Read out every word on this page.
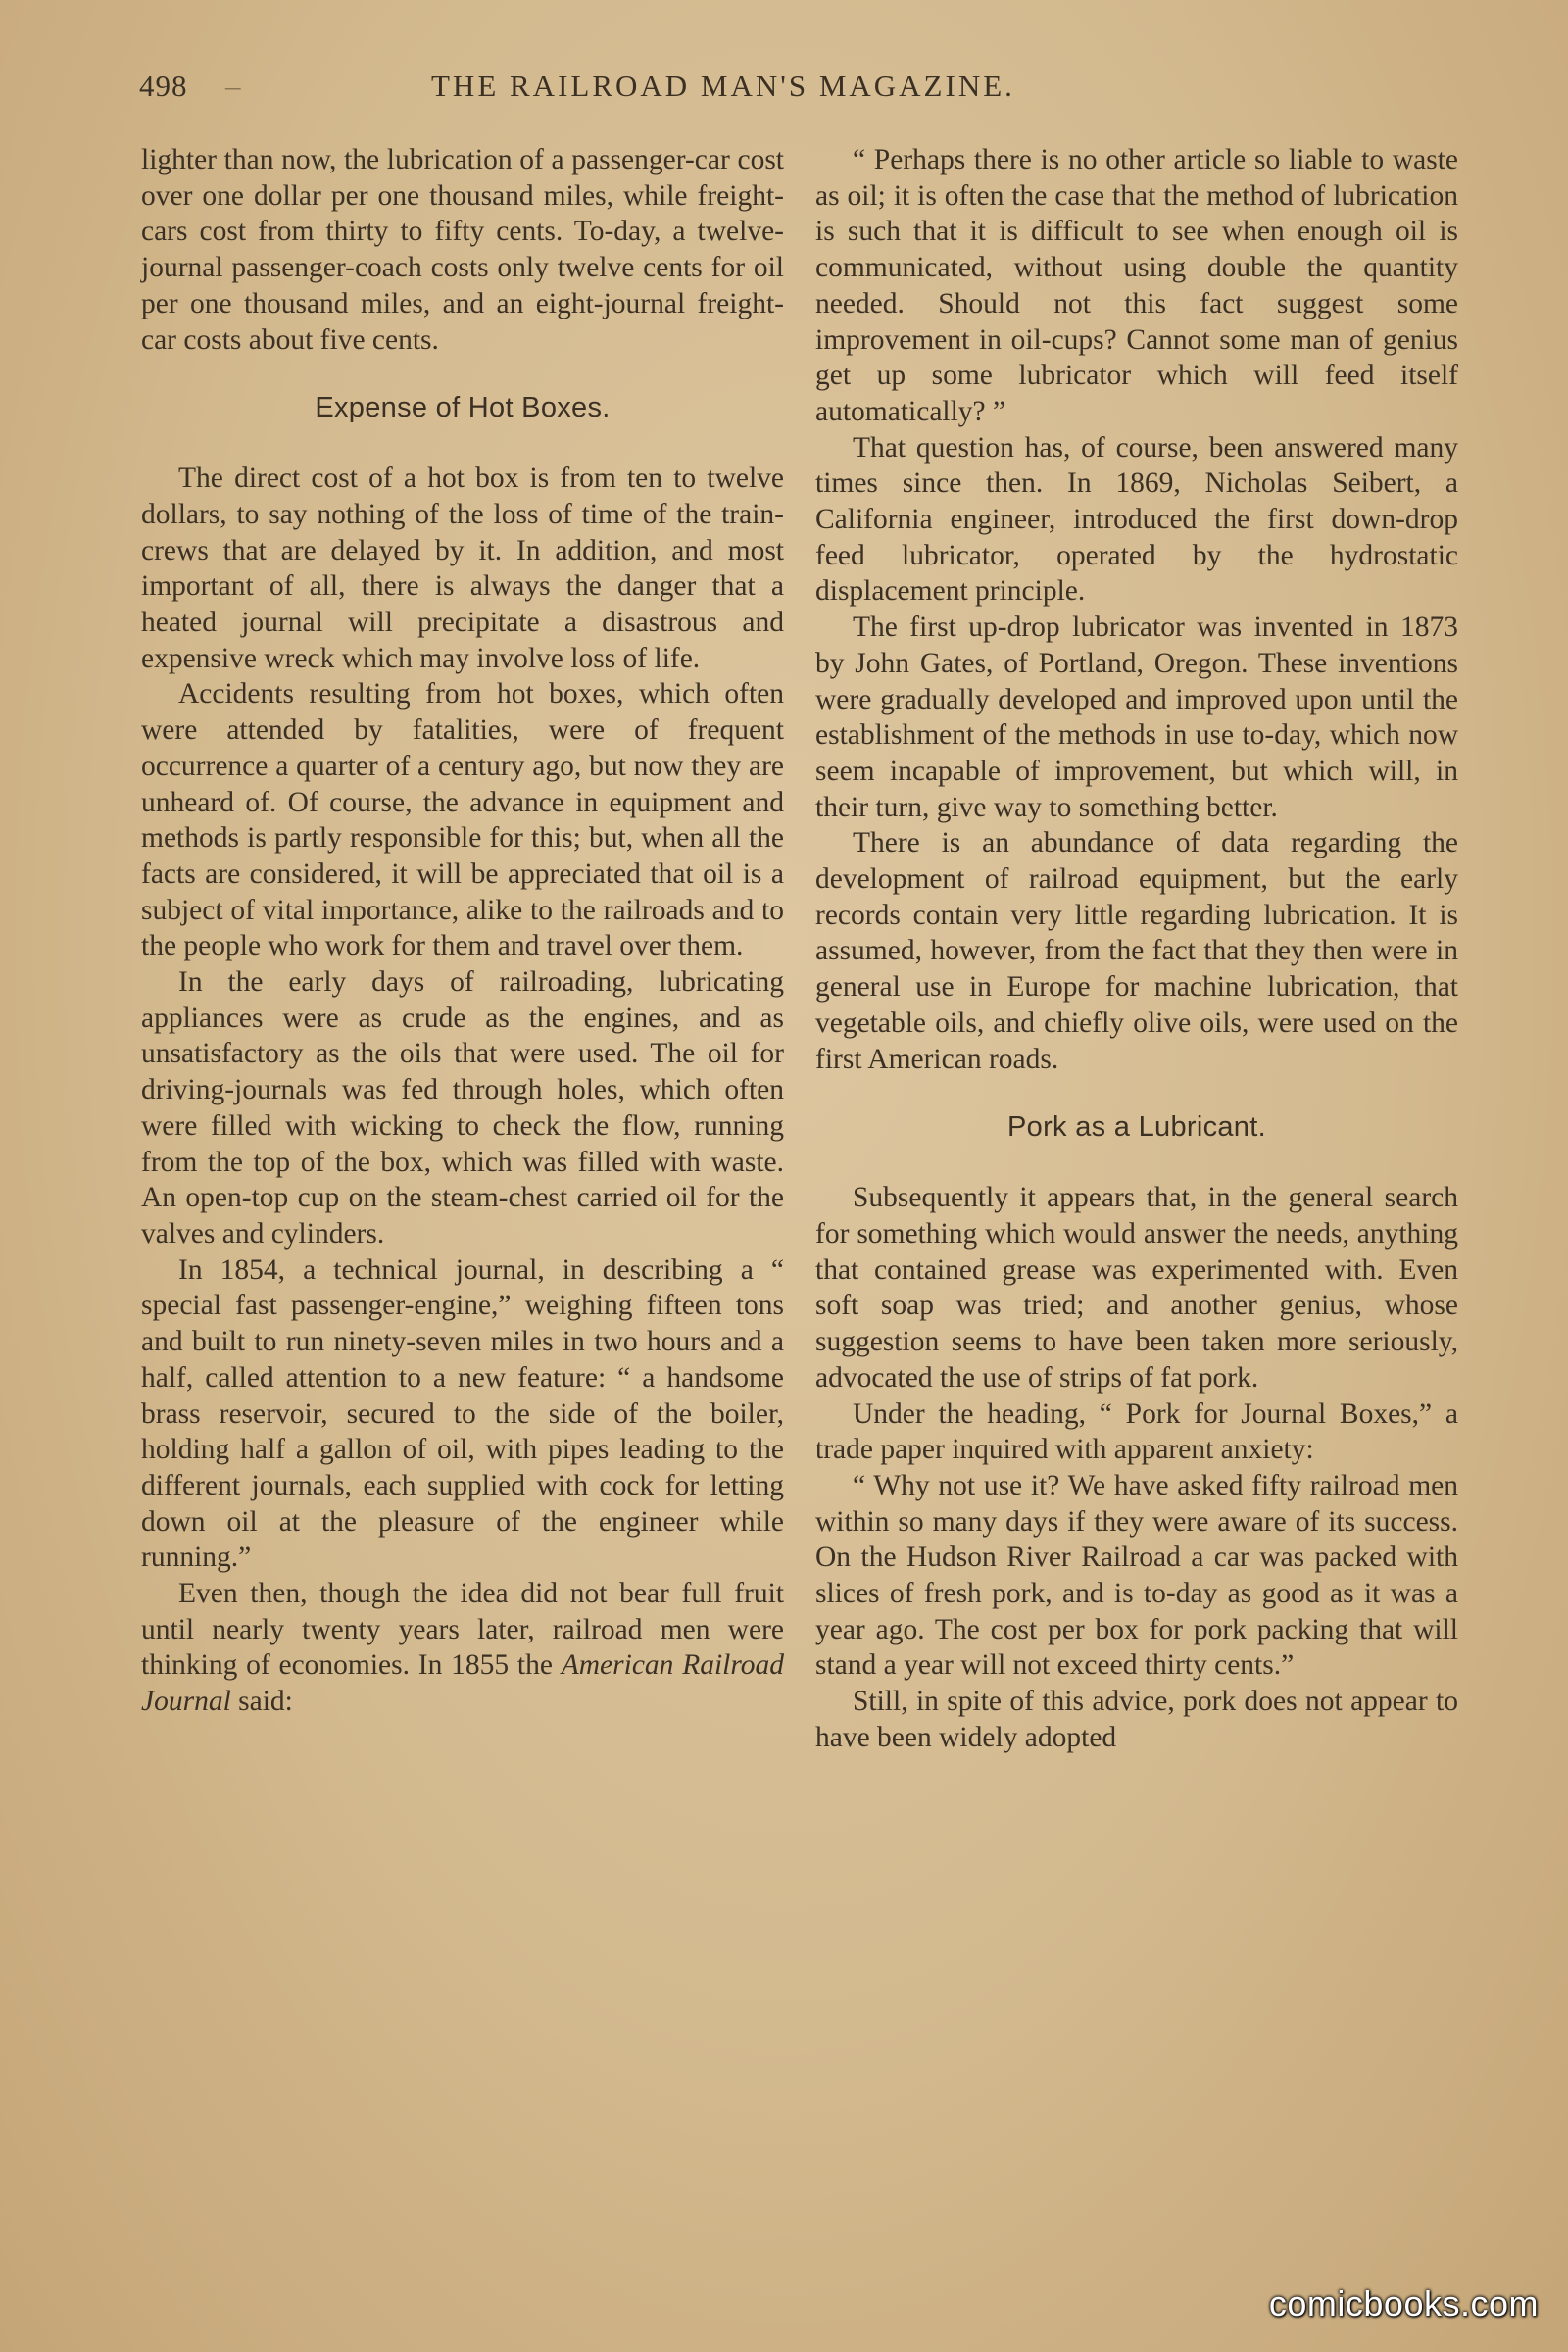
498 –	THE RAILROAD MAN'S MAGAZINE.

lighter than now, the lubrication of a passenger-car cost over one dollar per one thousand miles, while freight-cars cost from thirty to fifty cents. To-day, a twelve-journal passenger-coach costs only twelve cents for oil per one thousand miles, and an eight-journal freight-car costs about five cents.

Expense of Hot Boxes.

The direct cost of a hot box is from ten to twelve dollars, to say nothing of the loss of time of the train-crews that are delayed by it. In addition, and most important of all, there is always the danger that a heated journal will precipitate a disastrous and expensive wreck which may involve loss of life.

Accidents resulting from hot boxes, which often were attended by fatalities, were of frequent occurrence a quarter of a century ago, but now they are unheard of. Of course, the advance in equipment and methods is partly responsible for this; but, when all the facts are considered, it will be appreciated that oil is a subject of vital importance, alike to the railroads and to the people who work for them and travel over them.

In the early days of railroading, lubricating appliances were as crude as the engines, and as unsatisfactory as the oils that were used. The oil for driving-journals was fed through holes, which often were filled with wicking to check the flow, running from the top of the box, which was filled with waste. An open-top cup on the steam-chest carried oil for the valves and cylinders.

In 1854, a technical journal, in describing a “ special fast passenger-engine,” weighing fifteen tons and built to run ninety-seven miles in two hours and a half, called attention to a new feature: “ a handsome brass reservoir, secured to the side of the boiler, holding half a gallon of oil, with pipes leading to the different journals, each supplied with cock for letting down oil at the pleasure of the engineer while running.”

Even then, though the idea did not bear full fruit until nearly twenty years later, railroad men were thinking of economies. In 1855 the American Railroad Journal said:

“ Perhaps there is no other article so liable to waste as oil; it is often the case that the method of lubrication is such that it is difficult to see when enough oil is communicated, without using double the quantity needed. Should not this fact suggest some improvement in oil-cups? Cannot some man of genius get up some lubricator which will feed itself automatically? ”

That question has, of course, been answered many times since then. In 1869, Nicholas Seibert, a California engineer, introduced the first down-drop feed lubricator, operated by the hydrostatic displacement principle.

The first up-drop lubricator was invented in 1873 by John Gates, of Portland, Oregon. These inventions were gradually developed and improved upon until the establishment of the methods in use to-day, which now seem incapable of improvement, but which will, in their turn, give way to something better.

There is an abundance of data regarding the development of railroad equipment, but the early records contain very little regarding lubrication. It is assumed, however, from the fact that they then were in general use in Europe for machine lubrication, that vegetable oils, and chiefly olive oils, were used on the first American roads.

Pork as a Lubricant.

Subsequently it appears that, in the general search for something which would answer the needs, anything that contained grease was experimented with. Even soft soap was tried; and another genius, whose suggestion seems to have been taken more seriously, advocated the use of strips of fat pork.

Under the heading, “ Pork for Journal Boxes,” a trade paper inquired with apparent anxiety:

“ Why not use it? We have asked fifty railroad men within so many days if they were aware of its success. On the Hudson River Railroad a car was packed with slices of fresh pork, and is to-day as good as it was a year ago. The cost per box for pork packing that will stand a year will not exceed thirty cents.”

Still, in spite of this advice, pork does not appear to have been widely adopted

comicbooks.com
